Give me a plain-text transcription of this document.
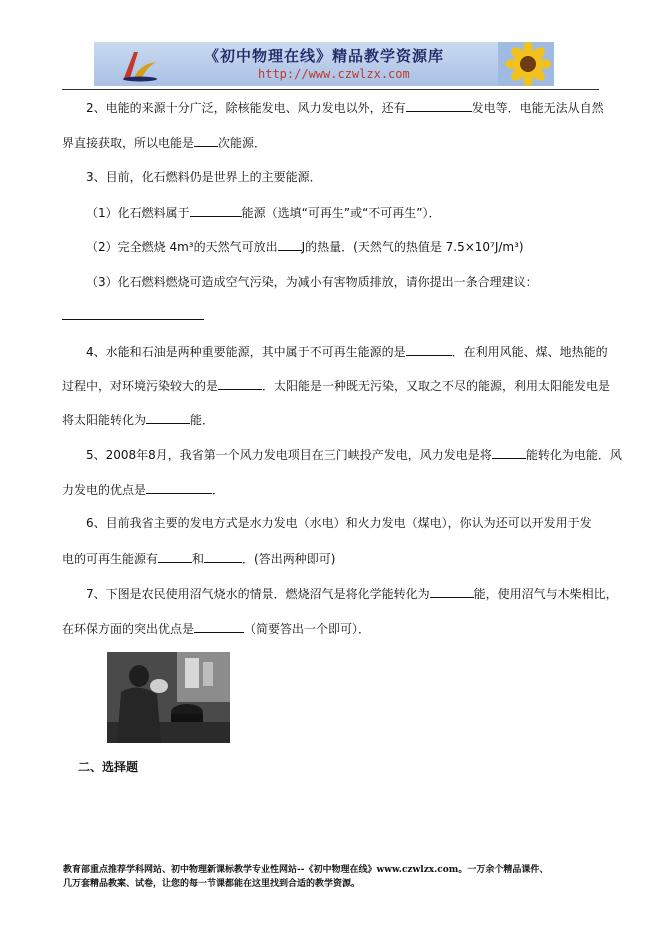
《初中物理在线》精品教学资源库
http://www.czwlzx.com
2、电能的来源十分广泛，除核能发电、风力发电以外，还有	发电等．电能无法从自然
界直接获取，所以电能是 次能源．
3、目前，化石燃料仍是世界上的主要能源．
（1）化石燃料属于	能源（选填“可再生”或“不可再生”）．
（2）完全燃烧 4m³的天然气可放出 J的热量．(天然气的热值是 7.5×10⁷J/m³)
（3）化石燃料燃烧可造成空气污染，为减小有害物质排放，请你提出一条合理建议：
4、水能和石油是两种重要能源，其中属于不可再生能源的是	．在利用风能、煤、地热能的
过程中，对环境污染较大的是	．太阳能是一种既无污染，又取之不尽的能源，利用太阳能发电是
将太阳能转化为	能．
5、2008年8月，我省第一个风力发电项目在三门峡投产发电，风力发电是将	能转化为电能．风
力发电的优点是	．
6、目前我省主要的发电方式是水力发电（水电）和火力发电（煤电），你认为还可以开发用于发
电的可再生能源有	和	．(答出两种即可)
7、下图是农民使用沼气烧水的情景．燃烧沼气是将化学能转化为	能，使用沼气与木柴相比，
在环保方面的突出优点是	（简要答出一个即可）．
二、选择题
教育部重点推荐学科网站、初中物理新课标教学专业性网站--《初中物理在线》www.czwlzx.com。一万余个精品课件、
几万套精品教案、试卷，让您的每一节课都能在这里找到合适的教学资源。
